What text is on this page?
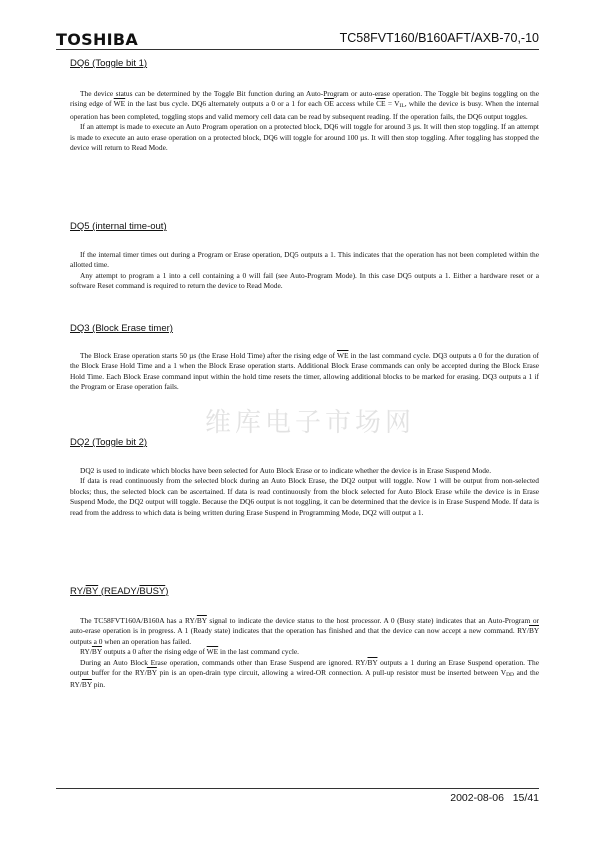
TOSHIBA	TC58FVT160/B160AFT/AXB-70,-10
DQ6 (Toggle bit 1)

The device status can be determined by the Toggle Bit function during an Auto-Program or auto-erase operation. The Toggle bit begins toggling on the rising edge of $\overline{WE}$ in the last bus cycle. DQ6 alternately outputs a 0 or a 1 for each $\overline{OE}$ access while $\overline{CE}$ = VIL, while the device is busy. When the internal operation has been completed, toggling stops and valid memory cell data can be read by subsequent reading. If the operation fails, the DQ6 output toggles.

If an attempt is made to execute an Auto Program operation on a protected block, DQ6 will toggle for around 3 µs. It will then stop toggling. If an attempt is made to execute an auto erase operation on a protected block, DQ6 will toggle for around 100 µs. It will then stop toggling. After toggling has stopped the device will return to Read Mode.

DQ5 (internal time-out)

If the internal timer times out during a Program or Erase operation, DQ5 outputs a 1. This indicates that the operation has not been completed within the allotted time.

Any attempt to program a 1 into a cell containing a 0 will fail (see Auto-Program Mode). In this case DQ5 outputs a 1. Either a hardware reset or a software Reset command is required to return the device to Read Mode.

DQ3 (Block Erase timer)

The Block Erase operation starts 50 µs (the Erase Hold Time) after the rising edge of $\overline{WE}$ in the last command cycle. DQ3 outputs a 0 for the duration of the Block Erase Hold Time and a 1 when the Block Erase operation starts. Additional Block Erase commands can only be accepted during the Block Erase Hold Time. Each Block Erase command input within the hold time resets the timer, allowing additional blocks to be marked for erasing. DQ3 outputs a 1 if the Program or Erase operation fails.

维库电子市场网
DQ2 (Toggle bit 2)

DQ2 is used to indicate which blocks have been selected for Auto Block Erase or to indicate whether the device is in Erase Suspend Mode.

If data is read continuously from the selected block during an Auto Block Erase, the DQ2 output will toggle. Now 1 will be output from non-selected blocks; thus, the selected block can be ascertained. If data is read continuously from the block selected for Auto Block Erase while the device is in Erase Suspend Mode, the DQ2 output will toggle. Because the DQ6 output is not toggling, it can be determined that the device is in Erase Suspend Mode. If data is read from the address to which data is being written during Erase Suspend in Programming Mode, DQ2 will output a 1.

RY/BY (READY/BUSY)

The TC58FVT160A/B160A has a $RY/\overline{BY}$ signal to indicate the device status to the host processor. A 0 (Busy state) indicates that an Auto-Program or auto-erase operation is in progress. A 1 (Ready state) indicates that the operation has finished and that the device can now accept a new command. $RY/\overline{BY}$ outputs a 0 when an operation has failed.

$RY/\overline{BY}$ outputs a 0 after the rising edge of $\overline{WE}$ in the last command cycle.

During an Auto Block Erase operation, commands other than Erase Suspend are ignored. $RY/\overline{BY}$ outputs a 1 during an Erase Suspend operation. The output buffer for the $RY/\overline{BY}$ pin is an open-drain type circuit, allowing a wired-OR connection. A pull-up resistor must be inserted between VDD and the $RY/\overline{BY}$ pin.

2002-08-06 15/41
